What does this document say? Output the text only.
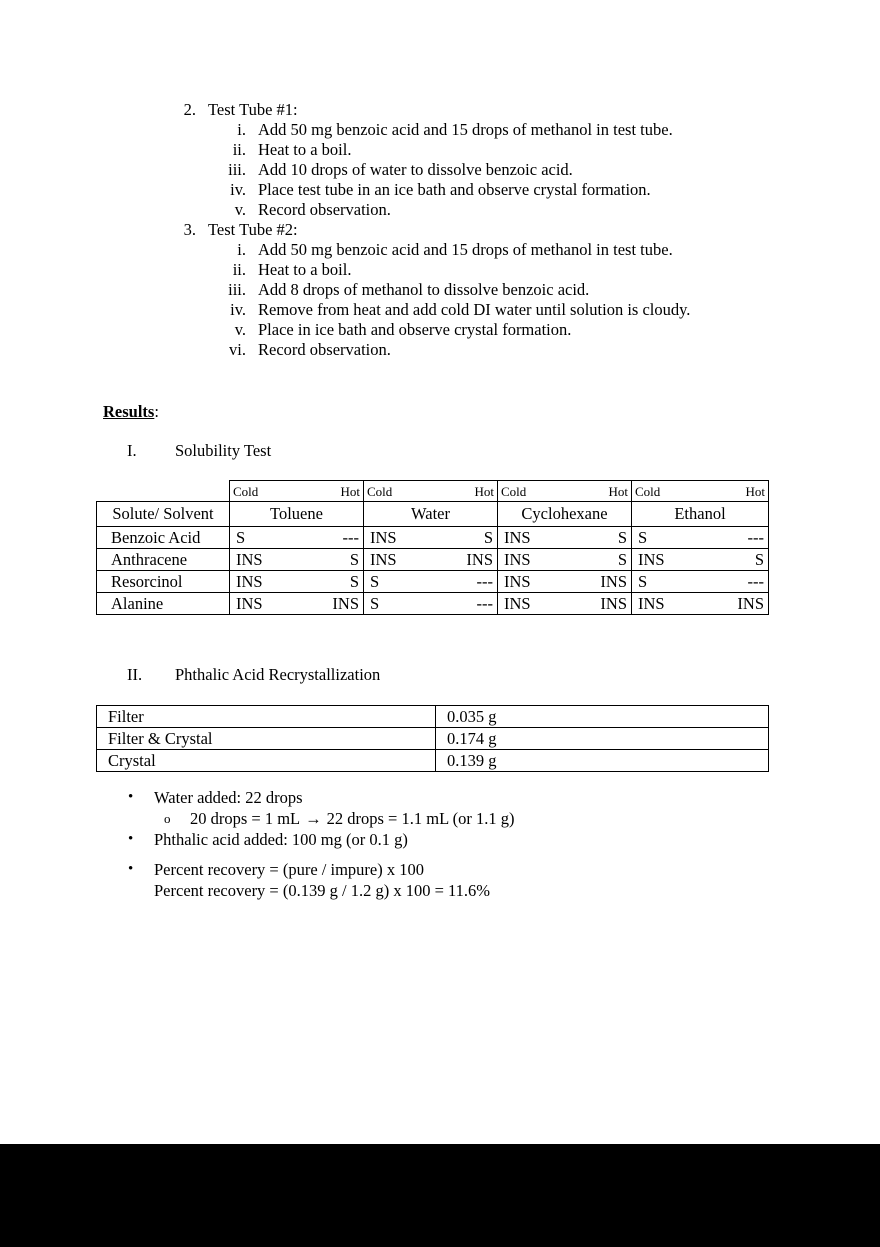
2. Test Tube #1:
i. Add 50 mg benzoic acid and 15 drops of methanol in test tube.
ii. Heat to a boil.
iii. Add 10 drops of water to dissolve benzoic acid.
iv. Place test tube in an ice bath and observe crystal formation.
v. Record observation.
3. Test Tube #2:
i. Add 50 mg benzoic acid and 15 drops of methanol in test tube.
ii. Heat to a boil.
iii. Add 8 drops of methanol to dissolve benzoic acid.
iv. Remove from heat and add cold DI water until solution is cloudy.
v. Place in ice bath and observe crystal formation.
vi. Record observation.
Results:
I. Solubility Test

	Cold Hot	Cold Hot	Cold Hot	Cold Hot

Solute/ Solvent	Toluene	Water	Cyclohexane	Ethanol

Benzoic Acid	S ---	INS S	INS S	S ---

Anthracene	INS S	INS INS	INS S	INS S

Resorcinol	INS S	S ---	INS INS	S ---

Alanine	INS INS	S ---	INS INS	INS INS
II. Phthalic Acid Recrystallization
Filter	0.035 g
Filter & Crystal	0.174 g
Crystal	0.139 g
• Water added: 22 drops
o 20 drops = 1 mL → 22 drops = 1.1 mL (or 1.1 g)
• Phthalic acid added: 100 mg (or 0.1 g)
• Percent recovery = (pure / impure) x 100
Percent recovery = (0.139 g / 1.2 g) x 100 = 11.6%
